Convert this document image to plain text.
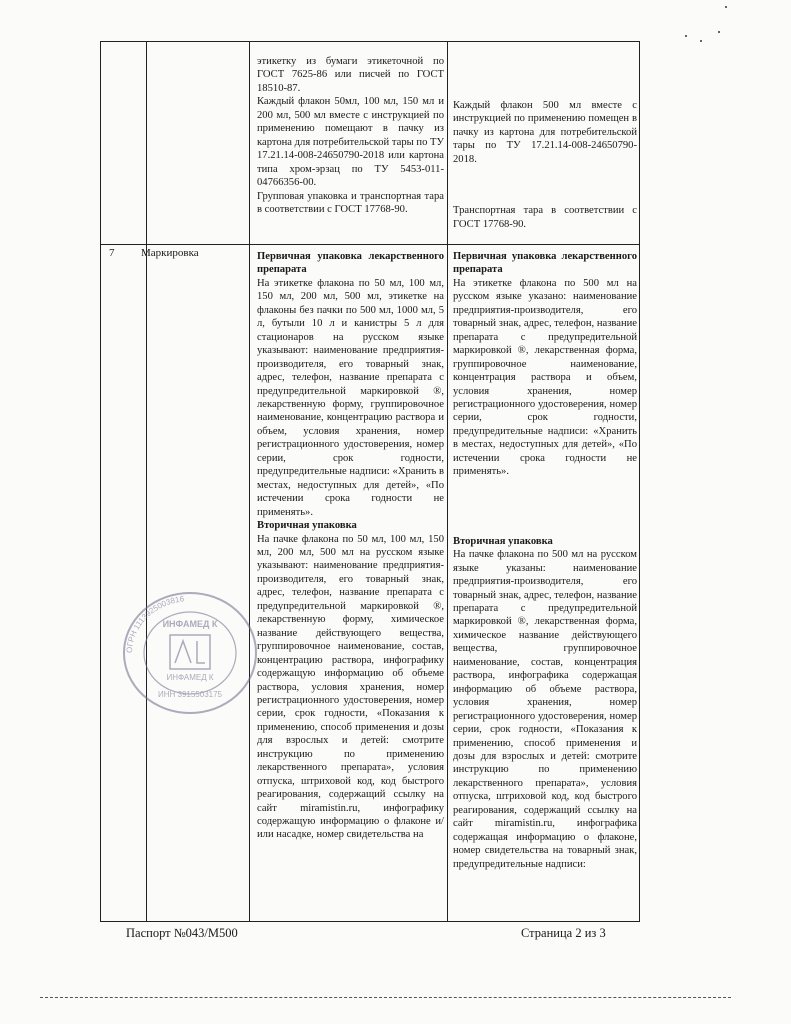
7 Маркировка

этикетку из бумаги этикеточной по ГОСТ 7625-86 или писчей по ГОСТ 18510-87.

Каждый флакон 50мл, 100 мл, 150 мл и 200 мл, 500 мл вместе с инструкцией по применению помещают в пачку из картона для потребительской тары по ТУ 17.21.14-008-24650790-2018 или картона типа хром-эрзац по ТУ 5453-011-04766356-00.

Групповая упаковка и транспортная тара в соответствии с ГОСТ 17768-90.

Каждый флакон 500 мл вместе с инструкцией по применению помещен в пачку из картона для потребительской тары по ТУ 17.21.14-008-24650790-2018.

Транспортная тара в соответствии с ГОСТ 17768-90.

Первичная упаковка лекарственного препарата

На этикетке флакона по 50 мл, 100 мл, 150 мл, 200 мл, 500 мл, этикетке на флаконы без пачки по 500 мл, 1000 мл, 5 л, бутыли 10 л и канистры 5 л для стационаров на русском языке указывают: наименование предприятия-производителя, его товарный знак, адрес, телефон, название препарата с предупредительной маркировкой ®, лекарственную форму, группировочное наименование, концентрацию раствора и объем, условия хранения, номер регистрационного удостоверения, номер серии, срок годности, предупредительные надписи: «Хранить в местах, недоступных для детей», «По истечении срока годности не применять».

Вторичная упаковка

На пачке флакона по 50 мл, 100 мл, 150 мл, 200 мл, 500 мл на русском языке указывают: наименование предприятия-производителя, его товарный знак, адрес, телефон, название препарата с предупредительной маркировкой ®, лекарственную форму, химическое название действующего вещества, группировочное наименование, состав, концентрацию раствора, инфографику содержащую информацию об объеме раствора, условия хранения, номер регистрационного удостоверения, номер серии, срок годности, «Показания к применению, способ применения и дозы для взрослых и детей: смотрите инструкцию по применению лекарственного препарата», условия отпуска, штриховой код, код быстрого реагирования, содержащий ссылку на сайт miramistin.ru, инфографику содержащую информацию о флаконе и/или насадке, номер свидетельства на

Первичная упаковка лекарственного препарата

На этикетке флакона по 500 мл на русском языке указано: наименование предприятия-производителя, его товарный знак, адрес, телефон, название препарата с предупредительной маркировкой ®, лекарственная форма, группировочное наименование, концентрация раствора и объем, условия хранения, номер регистрационного удостоверения, номер серии, срок годности, предупредительные надписи: «Хранить в местах, недоступных для детей», «По истечении срока годности не применять».

Вторичная упаковка

На пачке флакона по 500 мл на русском языке указаны: наименование предприятия-производителя, его товарный знак, адрес, телефон, название препарата с предупредительной маркировкой ®, лекарственная форма, химическое название действующего вещества, группировочное наименование, состав, концентрация раствора, инфографика содержащая информацию об объеме раствора, условия хранения, номер регистрационного удостоверения, номер серии, срок годности, «Показания к применению, способ применения и дозы для взрослых и детей: смотрите инструкцию по применению лекарственного препарата», условия отпуска, штриховой код, код быстрого реагирования, содержащий ссылку на сайт miramistin.ru, инфографика содержащая информацию о флаконе, номер свидетельства на товарный знак, предупредительные надписи:

ОГРН 1113925003816
ИНФАМЕД К
ИНФАМЕД К
ИНН 3915503175
Паспорт №043/М500	Страница 2 из 3
